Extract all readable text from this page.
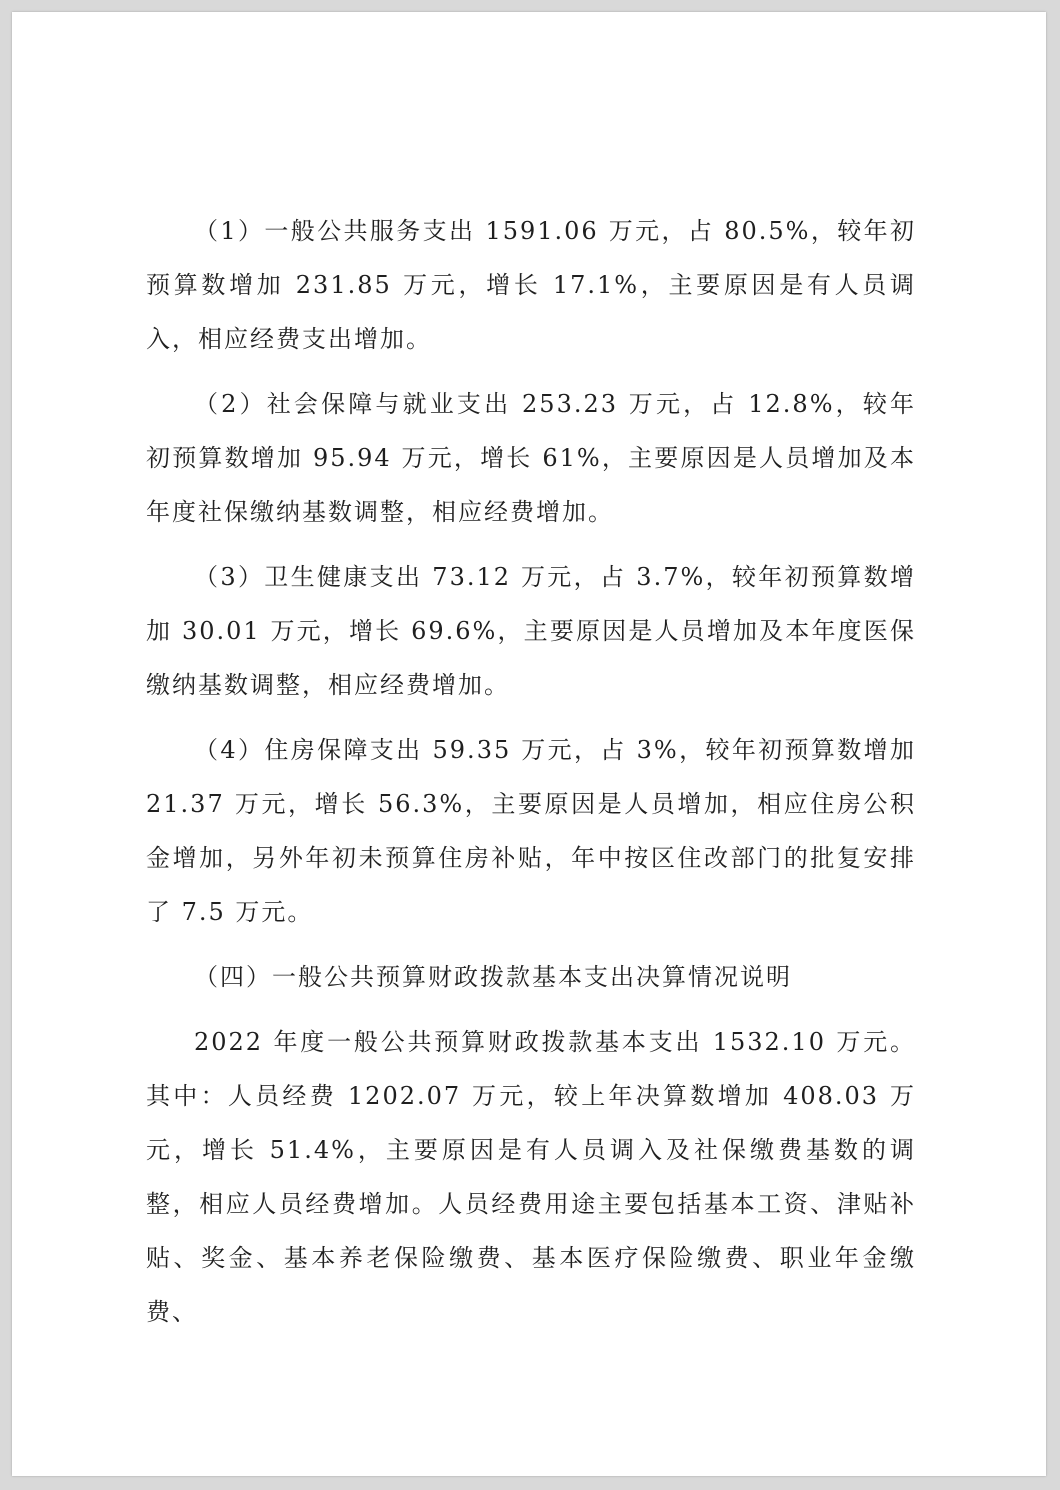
（1）一般公共服务支出 1591.06 万元，占 80.5%，较年初预算数增加 231.85 万元，增长 17.1%，主要原因是有人员调入，相应经费支出增加。

（2）社会保障与就业支出 253.23 万元，占 12.8%，较年初预算数增加 95.94 万元，增长 61%，主要原因是人员增加及本年度社保缴纳基数调整，相应经费增加。

（3）卫生健康支出 73.12 万元，占 3.7%，较年初预算数增加 30.01 万元，增长 69.6%，主要原因是人员增加及本年度医保缴纳基数调整，相应经费增加。

（4）住房保障支出 59.35 万元，占 3%，较年初预算数增加 21.37 万元，增长 56.3%，主要原因是人员增加，相应住房公积金增加，另外年初未预算住房补贴，年中按区住改部门的批复安排了 7.5 万元。

（四）一般公共预算财政拨款基本支出决算情况说明

2022 年度一般公共预算财政拨款基本支出 1532.10 万元。其中：人员经费 1202.07 万元，较上年决算数增加 408.03 万元，增长 51.4%，主要原因是有人员调入及社保缴费基数的调整，相应人员经费增加。人员经费用途主要包括基本工资、津贴补贴、奖金、基本养老保险缴费、基本医疗保险缴费、职业年金缴费、
